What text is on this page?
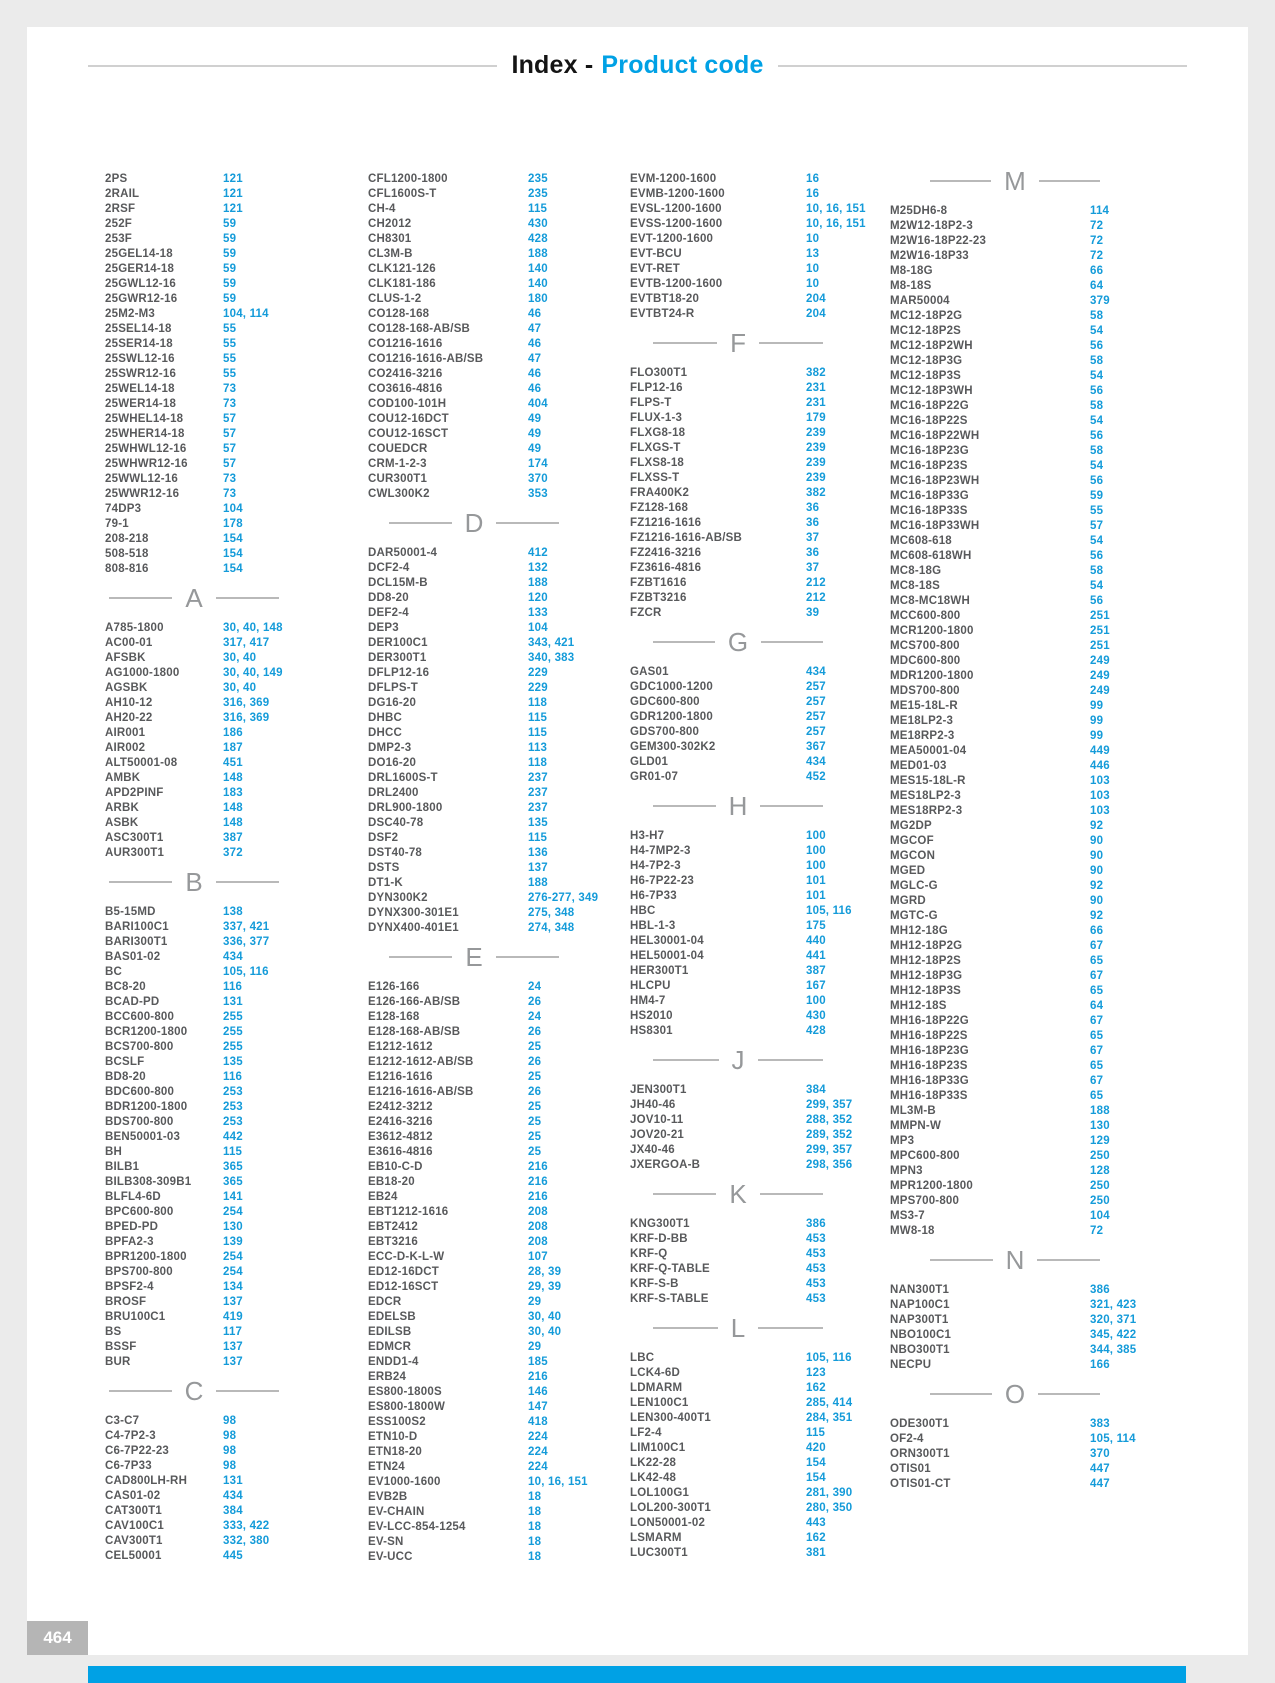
Index - Product code
2PS	121
2RAIL	121
2RSF	121
252F	59
253F	59
25GEL14-18	59
25GER14-18	59
25GWL12-16	59
25GWR12-16	59
25M2-M3	104, 114
25SEL14-18	55
25SER14-18	55
25SWL12-16	55
25SWR12-16	55
25WEL14-18	73
25WER14-18	73
25WHEL14-18	57
25WHER14-18	57
25WHWL12-16	57
25WHWR12-16	57
25WWL12-16	73
25WWR12-16	73
74DP3	104
79-1	178
208-218	154
508-518	154
808-816	154
A
A785-1800	30, 40, 148
AC00-01	317, 417
AFSBK	30, 40
AG1000-1800	30, 40, 149
AGSBK	30, 40
AH10-12	316, 369
AH20-22	316, 369
AIR001	186
AIR002	187
ALT50001-08	451
AMBK	148
APD2PINF	183
ARBK	148
ASBK	148
ASC300T1	387
AUR300T1	372
B
B5-15MD	138
BARI100C1	337, 421
BARI300T1	336, 377
BAS01-02	434
BC	105, 116
BC8-20	116
BCAD-PD	131
BCC600-800	255
BCR1200-1800	255
BCS700-800	255
BCSLF	135
BD8-20	116
BDC600-800	253
BDR1200-1800	253
BDS700-800	253
BEN50001-03	442
BH	115
BILB1	365
BILB308-309B1	365
BLFL4-6D	141
BPC600-800	254
BPED-PD	130
BPFA2-3	139
BPR1200-1800	254
BPS700-800	254
BPSF2-4	134
BROSF	137
BRU100C1	419
BS	117
BSSF	137
BUR	137
C
C3-C7	98
C4-7P2-3	98
C6-7P22-23	98
C6-7P33	98
CAD800LH-RH	131
CAS01-02	434
CAT300T1	384
CAV100C1	333, 422
CAV300T1	332, 380
CEL50001	445
CFL1200-1800	235
CFL1600S-T	235
CH-4	115
CH2012	430
CH8301	428
CL3M-B	188
CLK121-126	140
CLK181-186	140
CLUS-1-2	180
CO128-168	46
CO128-168-AB/SB	47
CO1216-1616	46
CO1216-1616-AB/SB	47
CO2416-3216	46
CO3616-4816	46
COD100-101H	404
COU12-16DCT	49
COU12-16SCT	49
COUEDCR	49
CRM-1-2-3	174
CUR300T1	370
CWL300K2	353
D
DAR50001-4	412
DCF2-4	132
DCL15M-B	188
DD8-20	120
DEF2-4	133
DEP3	104
DER100C1	343, 421
DER300T1	340, 383
DFLP12-16	229
DFLPS-T	229
DG16-20	118
DHBC	115
DHCC	115
DMP2-3	113
DO16-20	118
DRL1600S-T	237
DRL2400	237
DRL900-1800	237
DSC40-78	135
DSF2	115
DST40-78	136
DSTS	137
DT1-K	188
DYN300K2	276-277, 349
DYNX300-301E1	275, 348
DYNX400-401E1	274, 348
E
E126-166	24
E126-166-AB/SB	26
E128-168	24
E128-168-AB/SB	26
E1212-1612	25
E1212-1612-AB/SB	26
E1216-1616	25
E1216-1616-AB/SB	26
E2412-3212	25
E2416-3216	25
E3612-4812	25
E3616-4816	25
EB10-C-D	216
EB18-20	216
EB24	216
EBT1212-1616	208
EBT2412	208
EBT3216	208
ECC-D-K-L-W	107
ED12-16DCT	28, 39
ED12-16SCT	29, 39
EDCR	29
EDELSB	30, 40
EDILSB	30, 40
EDMCR	29
ENDD1-4	185
ERB24	216
ES800-1800S	146
ES800-1800W	147
ESS100S2	418
ETN10-D	224
ETN18-20	224
ETN24	224
EV1000-1600	10, 16, 151
EVB2B	18
EV-CHAIN	18
EV-LCC-854-1254	18
EV-SN	18
EV-UCC	18
EVM-1200-1600	16
EVMB-1200-1600	16
EVSL-1200-1600	10, 16, 151
EVSS-1200-1600	10, 16, 151
EVT-1200-1600	10
EVT-BCU	13
EVT-RET	10
EVTB-1200-1600	10
EVTBT18-20	204
EVTBT24-R	204
F
FLO300T1	382
FLP12-16	231
FLPS-T	231
FLUX-1-3	179
FLXG8-18	239
FLXGS-T	239
FLXS8-18	239
FLXSS-T	239
FRA400K2	382
FZ128-168	36
FZ1216-1616	36
FZ1216-1616-AB/SB	37
FZ2416-3216	36
FZ3616-4816	37
FZBT1616	212
FZBT3216	212
FZCR	39
G
GAS01	434
GDC1000-1200	257
GDC600-800	257
GDR1200-1800	257
GDS700-800	257
GEM300-302K2	367
GLD01	434
GR01-07	452
H
H3-H7	100
H4-7MP2-3	100
H4-7P2-3	100
H6-7P22-23	101
H6-7P33	101
HBC	105, 116
HBL-1-3	175
HEL30001-04	440
HEL50001-04	441
HER300T1	387
HLCPU	167
HM4-7	100
HS2010	430
HS8301	428
J
JEN300T1	384
JH40-46	299, 357
JOV10-11	288, 352
JOV20-21	289, 352
JX40-46	299, 357
JXERGOA-B	298, 356
K
KNG300T1	386
KRF-D-BB	453
KRF-Q	453
KRF-Q-TABLE	453
KRF-S-B	453
KRF-S-TABLE	453
L
LBC	105, 116
LCK4-6D	123
LDMARM	162
LEN100C1	285, 414
LEN300-400T1	284, 351
LF2-4	115
LIM100C1	420
LK22-28	154
LK42-48	154
LOL100G1	281, 390
LOL200-300T1	280, 350
LON50001-02	443
LSMARM	162
LUC300T1	381
M
M25DH6-8	114
M2W12-18P2-3	72
M2W16-18P22-23	72
M2W16-18P33	72
M8-18G	66
M8-18S	64
MAR50004	379
MC12-18P2G	58
MC12-18P2S	54
MC12-18P2WH	56
MC12-18P3G	58
MC12-18P3S	54
MC12-18P3WH	56
MC16-18P22G	58
MC16-18P22S	54
MC16-18P22WH	56
MC16-18P23G	58
MC16-18P23S	54
MC16-18P23WH	56
MC16-18P33G	59
MC16-18P33S	55
MC16-18P33WH	57
MC608-618	54
MC608-618WH	56
MC8-18G	58
MC8-18S	54
MC8-MC18WH	56
MCC600-800	251
MCR1200-1800	251
MCS700-800	251
MDC600-800	249
MDR1200-1800	249
MDS700-800	249
ME15-18L-R	99
ME18LP2-3	99
ME18RP2-3	99
MEA50001-04	449
MED01-03	446
MES15-18L-R	103
MES18LP2-3	103
MES18RP2-3	103
MG2DP	92
MGCOF	90
MGCON	90
MGED	90
MGLC-G	92
MGRD	90
MGTC-G	92
MH12-18G	66
MH12-18P2G	67
MH12-18P2S	65
MH12-18P3G	67
MH12-18P3S	65
MH12-18S	64
MH16-18P22G	67
MH16-18P22S	65
MH16-18P23G	67
MH16-18P23S	65
MH16-18P33G	67
MH16-18P33S	65
ML3M-B	188
MMPN-W	130
MP3	129
MPC600-800	250
MPN3	128
MPR1200-1800	250
MPS700-800	250
MS3-7	104
MW8-18	72
N
NAN300T1	386
NAP100C1	321, 423
NAP300T1	320, 371
NBO100C1	345, 422
NBO300T1	344, 385
NECPU	166
O
ODE300T1	383
OF2-4	105, 114
ORN300T1	370
OTIS01	447
OTIS01-CT	447
464
